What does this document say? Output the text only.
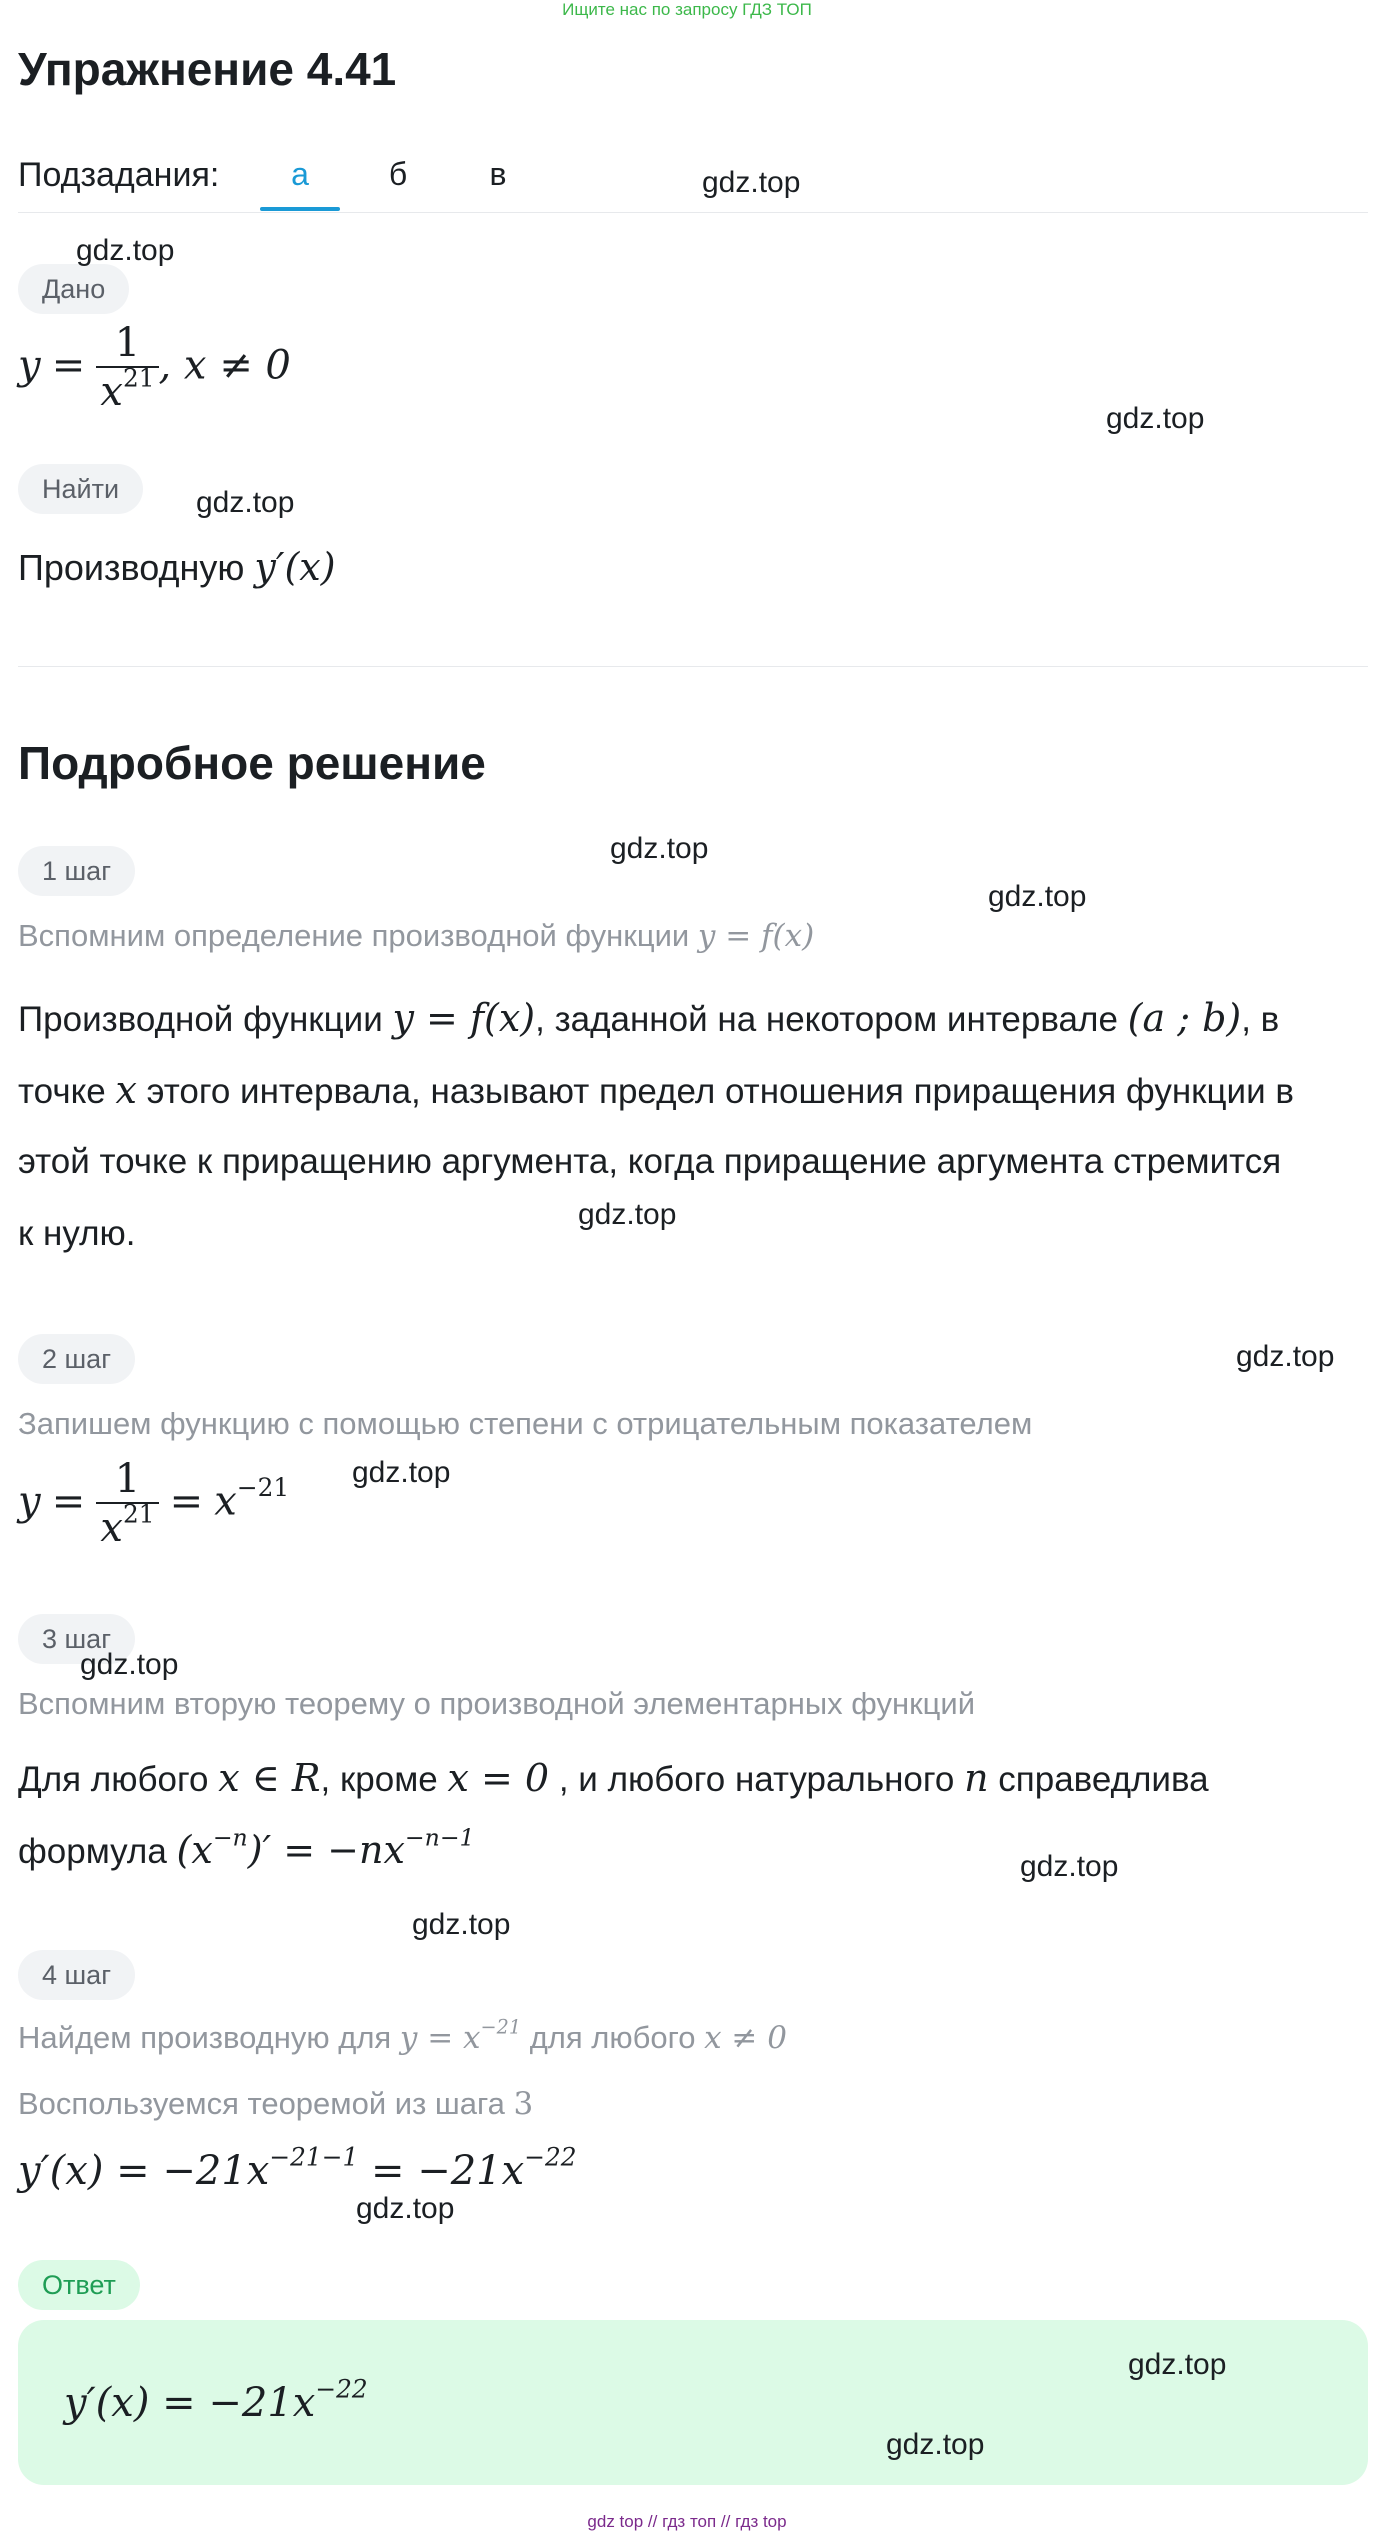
Ищите нас по запросу ГДЗ ТОП
Упражнение 4.41
Подзадания:	а	б	в
Дано
$y = \frac{1}{x^{21}}$ , x ≠ 0
Найти
Производную y′(x)
Подробное решение
1 шаг
Вспомним определение производной функции y = f(x)
Производной функции y = f(x), заданной на некотором интервале (a ; b), в
точке x этого интервала, называют предел отношения приращения функции в
этой точке к приращению аргумента, когда приращение аргумента стремится
к нулю.
2 шаг
Запишем функцию с помощью степени с отрицательным показателем
$y = \frac{1}{x^{21}} = x^{-21}$
3 шаг
Вспомним вторую теорему о производной элементарных функций
Для любого x ∈ R, кроме x = 0 , и любого натурального n справедлива
формула $(x^{-n})' = -nx^{-n-1}$
4 шаг
Найдем производную для $y = x^{-21}$ для любого x ≠ 0
Воспользуемся теоремой из шага 3
$y'(x) = -21x^{-21-1} = -21x^{-22}$
Ответ
$y'(x) = -21x^{-22}$
gdz.top
gdz.top
gdz.top
gdz.top
gdz.top
gdz.top
gdz.top
gdz.top
gdz.top
gdz.top
gdz.top
gdz.top
gdz.top
gdz.top
gdz.top
gdz top // гдз топ // гдз top
